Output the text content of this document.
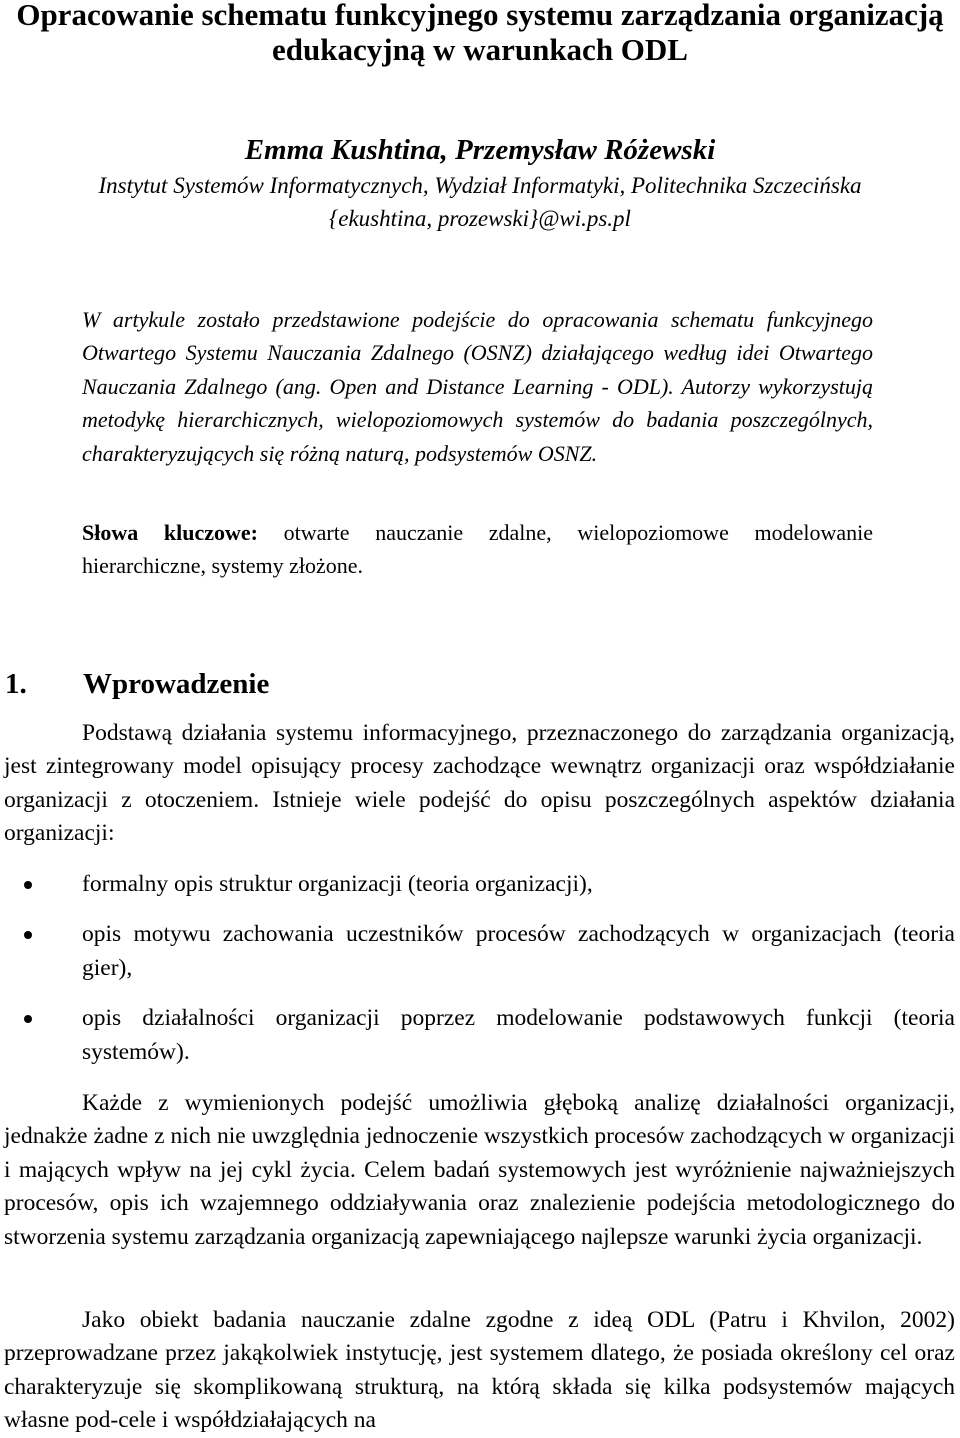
Opracowanie schematu funkcyjnego systemu zarządzania organizacją edukacyjną w warunkach ODL
Emma Kushtina, Przemysław Różewski
Instytut Systemów Informatycznych, Wydział Informatyki, Politechnika Szczecińska
{ekushtina, prozewski}@wi.ps.pl
W artykule zostało przedstawione podejście do opracowania schematu funkcyjnego Otwartego Systemu Nauczania Zdalnego (OSNZ) działającego według idei Otwartego Nauczania Zdalnego (ang. Open and Distance Learning - ODL). Autorzy wykorzystują metodykę hierarchicznych, wielopoziomowych systemów do badania poszczególnych, charakteryzujących się różną naturą, podsystemów OSNZ.
Słowa kluczowe: otwarte nauczanie zdalne, wielopoziomowe modelowanie hierarchiczne, systemy złożone.
1. Wprowadzenie
Podstawą działania systemu informacyjnego, przeznaczonego do zarządzania organizacją, jest zintegrowany model opisujący procesy zachodzące wewnątrz organizacji oraz współdziałanie organizacji z otoczeniem. Istnieje wiele podejść do opisu poszczególnych aspektów działania organizacji:
formalny opis struktur organizacji (teoria organizacji),
opis motywu zachowania uczestników procesów zachodzących w organizacjach (teoria gier),
opis działalności organizacji poprzez modelowanie podstawowych funkcji (teoria systemów).
Każde z wymienionych podejść umożliwia głęboką analizę działalności organizacji, jednakże żadne z nich nie uwzględnia jednoczenie wszystkich procesów zachodzących w organizacji i mających wpływ na jej cykl życia. Celem badań systemowych jest wyróżnienie najważniejszych procesów, opis ich wzajemnego oddziaływania oraz znalezienie podejścia metodologicznego do stworzenia systemu zarządzania organizacją zapewniającego najlepsze warunki życia organizacji.
Jako obiekt badania nauczanie zdalne zgodne z ideą ODL (Patru i Khvilon, 2002) przeprowadzane przez jakąkolwiek instytucję, jest systemem dlatego, że posiada określony cel oraz charakteryzuje się skomplikowaną strukturą, na którą składa się kilka podsystemów mających własne pod-cele i współdziałających na
